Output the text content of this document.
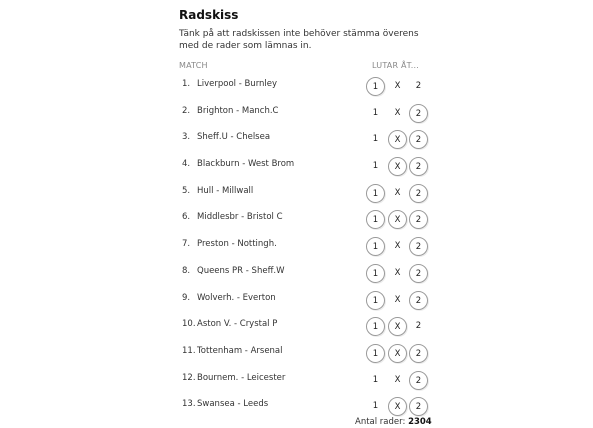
Radskiss

Tänk på att radskissen inte behöver stämma överens med de rader som lämnas in.

MATCH	LUTAR ÅT...
1. Liverpool - Burnley	1	X	2
2. Brighton - Manch.C	1	X	2
3. Sheff.U - Chelsea	1	X	2
4. Blackburn - West Brom	1	X	2
5. Hull - Millwall	1	X	2
6. Middlesbr - Bristol C	1	X	2
7. Preston - Nottingh.	1	X	2
8. Queens PR - Sheff.W	1	X	2
9. Wolverh. - Everton	1	X	2
10. Aston V. - Crystal P	1	X	2
11. Tottenham - Arsenal	1	X	2
12. Bournem. - Leicester	1	X	2
13. Swansea - Leeds	1	X	2
Antal rader: 2304
